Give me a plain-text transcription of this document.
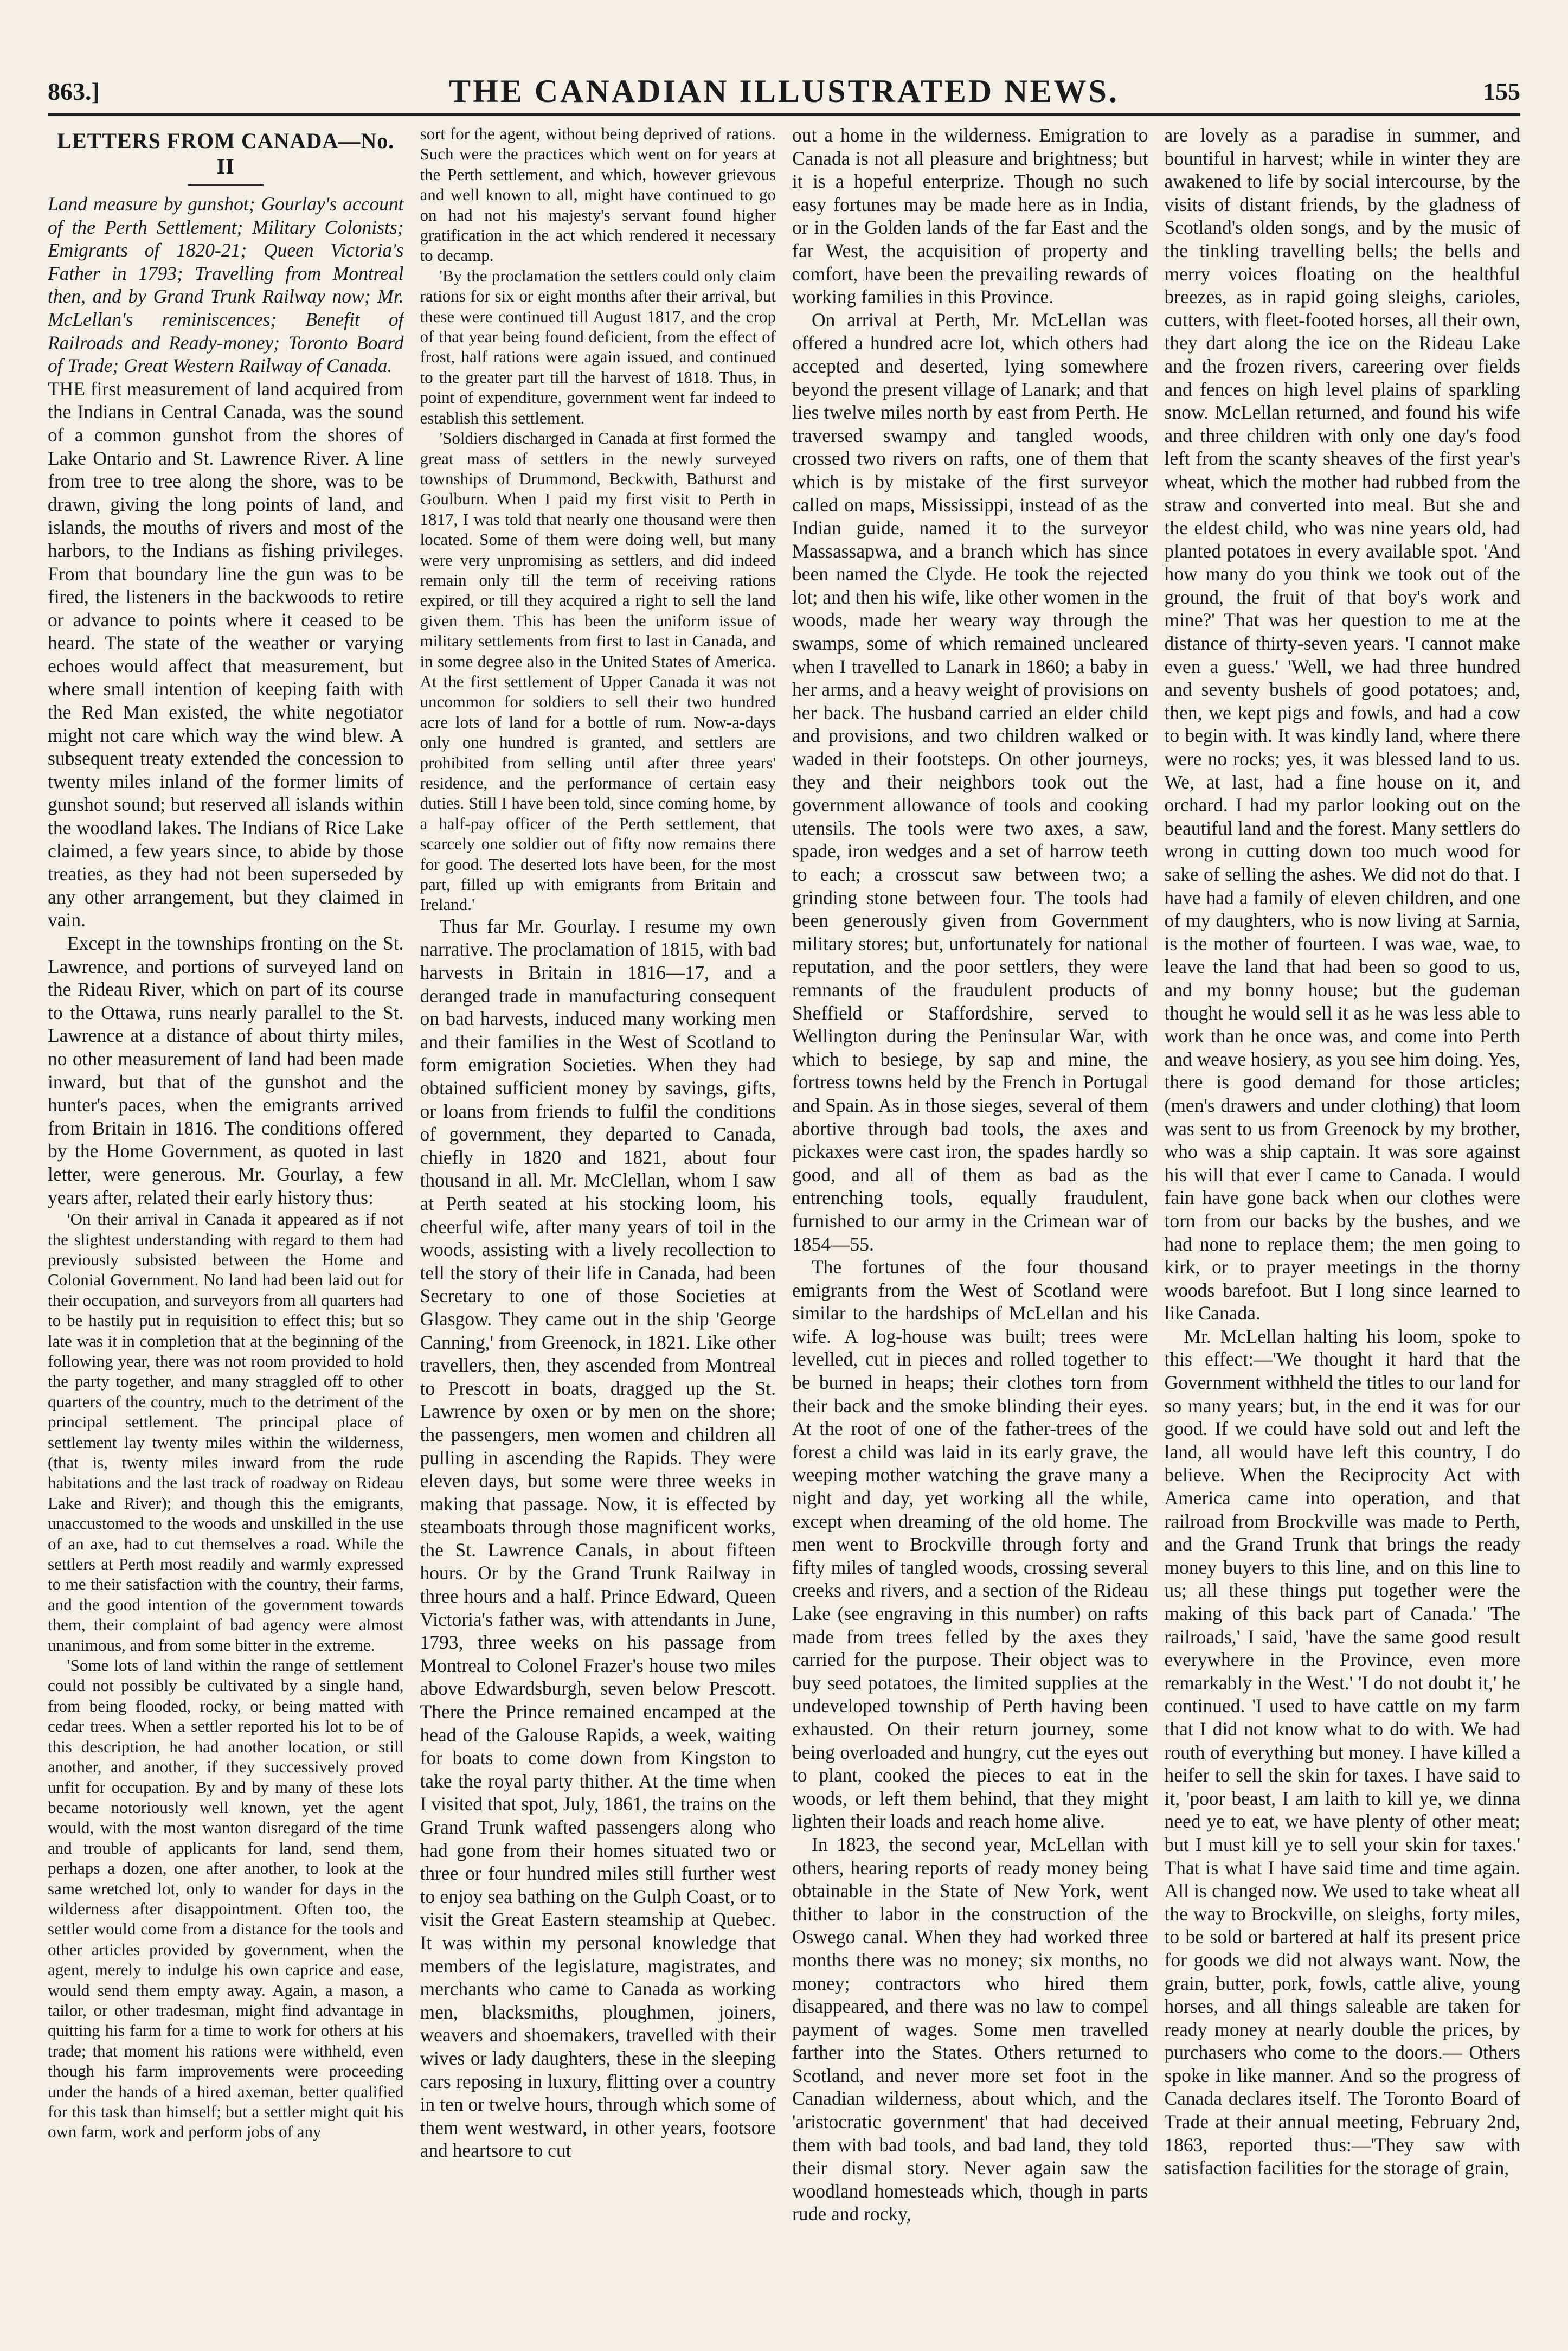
863.]	THE CANADIAN ILLUSTRATED NEWS.	155
LETTERS FROM CANADA—No. II

Land measure by gunshot; Gourlay's account of the Perth Settlement; Military Colonists; Emigrants of 1820-21; Queen Victoria's Father in 1793; Travelling from Montreal then, and by Grand Trunk Railway now; Mr. McLellan's reminiscences; Benefit of Railroads and Ready-money; Toronto Board of Trade; Great Western Railway of Canada.

THE first measurement of land acquired from the Indians in Central Canada, was the sound of a common gunshot from the shores of Lake Ontario and St. Lawrence River. A line from tree to tree along the shore, was to be drawn, giving the long points of land, and islands, the mouths of rivers and most of the harbors, to the Indians as fishing privileges. From that boundary line the gun was to be fired, the listeners in the backwoods to retire or advance to points where it ceased to be heard. The state of the weather or varying echoes would affect that measurement, but where small intention of keeping faith with the Red Man existed, the white negotiator might not care which way the wind blew. A subsequent treaty extended the concession to twenty miles inland of the former limits of gunshot sound; but reserved all islands within the woodland lakes. The Indians of Rice Lake claimed, a few years since, to abide by those treaties, as they had not been superseded by any other arrangement, but they claimed in vain.

Except in the townships fronting on the St. Lawrence, and portions of surveyed land on the Rideau River, which on part of its course to the Ottawa, runs nearly parallel to the St. Lawrence at a distance of about thirty miles, no other measurement of land had been made inward, but that of the gunshot and the hunter's paces, when the emigrants arrived from Britain in 1816. The conditions offered by the Home Government, as quoted in last letter, were generous. Mr. Gourlay, a few years after, related their early history thus:

'On their arrival in Canada it appeared as if not the slightest understanding with regard to them had previously subsisted between the Home and Colonial Government. No land had been laid out for their occupation, and surveyors from all quarters had to be hastily put in requisition to effect this; but so late was it in completion that at the beginning of the following year, there was not room provided to hold the party together, and many straggled off to other quarters of the country, much to the detriment of the principal settlement. The principal place of settlement lay twenty miles within the wilderness, (that is, twenty miles inward from the rude habitations and the last track of roadway on Rideau Lake and River); and though this the emigrants, unaccustomed to the woods and unskilled in the use of an axe, had to cut themselves a road. While the settlers at Perth most readily and warmly expressed to me their satisfaction with the country, their farms, and the good intention of the government towards them, their complaint of bad agency were almost unanimous, and from some bitter in the extreme.

'Some lots of land within the range of settlement could not possibly be cultivated by a single hand, from being flooded, rocky, or being matted with cedar trees. When a settler reported his lot to be of this description, he had another location, or still another, and another, if they successively proved unfit for occupation. By and by many of these lots became notoriously well known, yet the agent would, with the most wanton disregard of the time and trouble of applicants for land, send them, perhaps a dozen, one after another, to look at the same wretched lot, only to wander for days in the wilderness after disappointment. Often too, the settler would come from a distance for the tools and other articles provided by government, when the agent, merely to indulge his own caprice and ease, would send them empty away. Again, a mason, a tailor, or other tradesman, might find advantage in quitting his farm for a time to work for others at his trade; that moment his rations were withheld, even though his farm improvements were proceeding under the hands of a hired axeman, better qualified for this task than himself; but a settler might quit his own farm, work and perform jobs of any

sort for the agent, without being deprived of rations. Such were the practices which went on for years at the Perth settlement, and which, however grievous and well known to all, might have continued to go on had not his majesty's servant found higher gratification in the act which rendered it necessary to decamp.

'By the proclamation the settlers could only claim rations for six or eight months after their arrival, but these were continued till August 1817, and the crop of that year being found deficient, from the effect of frost, half rations were again issued, and continued to the greater part till the harvest of 1818. Thus, in point of expenditure, government went far indeed to establish this settlement.

'Soldiers discharged in Canada at first formed the great mass of settlers in the newly surveyed townships of Drummond, Beckwith, Bathurst and Goulburn. When I paid my first visit to Perth in 1817, I was told that nearly one thousand were then located. Some of them were doing well, but many were very unpromising as settlers, and did indeed remain only till the term of receiving rations expired, or till they acquired a right to sell the land given them. This has been the uniform issue of military settlements from first to last in Canada, and in some degree also in the United States of America. At the first settlement of Upper Canada it was not uncommon for soldiers to sell their two hundred acre lots of land for a bottle of rum. Now-a-days only one hundred is granted, and settlers are prohibited from selling until after three years' residence, and the performance of certain easy duties. Still I have been told, since coming home, by a half-pay officer of the Perth settlement, that scarcely one soldier out of fifty now remains there for good. The deserted lots have been, for the most part, filled up with emigrants from Britain and Ireland.'

Thus far Mr. Gourlay. I resume my own narrative. The proclamation of 1815, with bad harvests in Britain in 1816—17, and a deranged trade in manufacturing consequent on bad harvests, induced many working men and their families in the West of Scotland to form emigration Societies. When they had obtained sufficient money by savings, gifts, or loans from friends to fulfil the conditions of government, they departed to Canada, chiefly in 1820 and 1821, about four thousand in all. Mr. McClellan, whom I saw at Perth seated at his stocking loom, his cheerful wife, after many years of toil in the woods, assisting with a lively recollection to tell the story of their life in Canada, had been Secretary to one of those Societies at Glasgow. They came out in the ship 'George Canning,' from Greenock, in 1821. Like other travellers, then, they ascended from Montreal to Prescott in boats, dragged up the St. Lawrence by oxen or by men on the shore; the passengers, men women and children all pulling in ascending the Rapids. They were eleven days, but some were three weeks in making that passage. Now, it is effected by steamboats through those magnificent works, the St. Lawrence Canals, in about fifteen hours. Or by the Grand Trunk Railway in three hours and a half. Prince Edward, Queen Victoria's father was, with attendants in June, 1793, three weeks on his passage from Montreal to Colonel Frazer's house two miles above Edwardsburgh, seven below Prescott. There the Prince remained encamped at the head of the Galouse Rapids, a week, waiting for boats to come down from Kingston to take the royal party thither. At the time when I visited that spot, July, 1861, the trains on the Grand Trunk wafted passengers along who had gone from their homes situated two or three or four hundred miles still further west to enjoy sea bathing on the Gulph Coast, or to visit the Great Eastern steamship at Quebec. It was within my personal knowledge that members of the legislature, magistrates, and merchants who came to Canada as working men, blacksmiths, ploughmen, joiners, weavers and shoemakers, travelled with their wives or lady daughters, these in the sleeping cars reposing in luxury, flitting over a country in ten or twelve hours, through which some of them went westward, in other years, footsore and heartsore to cut

out a home in the wilderness. Emigration to Canada is not all pleasure and brightness; but it is a hopeful enterprize. Though no such easy fortunes may be made here as in India, or in the Golden lands of the far East and the far West, the acquisition of property and comfort, have been the prevailing rewards of working families in this Province.

On arrival at Perth, Mr. McLellan was offered a hundred acre lot, which others had accepted and deserted, lying somewhere beyond the present village of Lanark; and that lies twelve miles north by east from Perth. He traversed swampy and tangled woods, crossed two rivers on rafts, one of them that which is by mistake of the first surveyor called on maps, Mississippi, instead of as the Indian guide, named it to the surveyor Massassapwa, and a branch which has since been named the Clyde. He took the rejected lot; and then his wife, like other women in the woods, made her weary way through the swamps, some of which remained uncleared when I travelled to Lanark in 1860; a baby in her arms, and a heavy weight of provisions on her back. The husband carried an elder child and provisions, and two children walked or waded in their footsteps. On other journeys, they and their neighbors took out the government allowance of tools and cooking utensils. The tools were two axes, a saw, spade, iron wedges and a set of harrow teeth to each; a crosscut saw between two; a grinding stone between four. The tools had been generously given from Government military stores; but, unfortunately for national reputation, and the poor settlers, they were remnants of the fraudulent products of Sheffield or Staffordshire, served to Wellington during the Peninsular War, with which to besiege, by sap and mine, the fortress towns held by the French in Portugal and Spain. As in those sieges, several of them abortive through bad tools, the axes and pickaxes were cast iron, the spades hardly so good, and all of them as bad as the entrenching tools, equally fraudulent, furnished to our army in the Crimean war of 1854—55.

The fortunes of the four thousand emigrants from the West of Scotland were similar to the hardships of McLellan and his wife. A log-house was built; trees were levelled, cut in pieces and rolled together to be burned in heaps; their clothes torn from their back and the smoke blinding their eyes. At the root of one of the father-trees of the forest a child was laid in its early grave, the weeping mother watching the grave many a night and day, yet working all the while, except when dreaming of the old home. The men went to Brockville through forty and fifty miles of tangled woods, crossing several creeks and rivers, and a section of the Rideau Lake (see engraving in this number) on rafts made from trees felled by the axes they carried for the purpose. Their object was to buy seed potatoes, the limited supplies at the undeveloped township of Perth having been exhausted. On their return journey, some being overloaded and hungry, cut the eyes out to plant, cooked the pieces to eat in the woods, or left them behind, that they might lighten their loads and reach home alive.

In 1823, the second year, McLellan with others, hearing reports of ready money being obtainable in the State of New York, went thither to labor in the construction of the Oswego canal. When they had worked three months there was no money; six months, no money; contractors who hired them disappeared, and there was no law to compel payment of wages. Some men travelled farther into the States. Others returned to Scotland, and never more set foot in the Canadian wilderness, about which, and the 'aristocratic government' that had deceived them with bad tools, and bad land, they told their dismal story. Never again saw the woodland homesteads which, though in parts rude and rocky,

are lovely as a paradise in summer, and bountiful in harvest; while in winter they are awakened to life by social intercourse, by the visits of distant friends, by the gladness of Scotland's olden songs, and by the music of the tinkling travelling bells; the bells and merry voices floating on the healthful breezes, as in rapid going sleighs, carioles, cutters, with fleet-footed horses, all their own, they dart along the ice on the Rideau Lake and the frozen rivers, careering over fields and fences on high level plains of sparkling snow. McLellan returned, and found his wife and three children with only one day's food left from the scanty sheaves of the first year's wheat, which the mother had rubbed from the straw and converted into meal. But she and the eldest child, who was nine years old, had planted potatoes in every available spot. 'And how many do you think we took out of the ground, the fruit of that boy's work and mine?' That was her question to me at the distance of thirty-seven years. 'I cannot make even a guess.' 'Well, we had three hundred and seventy bushels of good potatoes; and, then, we kept pigs and fowls, and had a cow to begin with. It was kindly land, where there were no rocks; yes, it was blessed land to us. We, at last, had a fine house on it, and orchard. I had my parlor looking out on the beautiful land and the forest. Many settlers do wrong in cutting down too much wood for sake of selling the ashes. We did not do that. I have had a family of eleven children, and one of my daughters, who is now living at Sarnia, is the mother of fourteen. I was wae, wae, to leave the land that had been so good to us, and my bonny house; but the gudeman thought he would sell it as he was less able to work than he once was, and come into Perth and weave hosiery, as you see him doing. Yes, there is good demand for those articles; (men's drawers and under clothing) that loom was sent to us from Greenock by my brother, who was a ship captain. It was sore against his will that ever I came to Canada. I would fain have gone back when our clothes were torn from our backs by the bushes, and we had none to replace them; the men going to kirk, or to prayer meetings in the thorny woods barefoot. But I long since learned to like Canada.

Mr. McLellan halting his loom, spoke to this effect:—'We thought it hard that the Government withheld the titles to our land for so many years; but, in the end it was for our good. If we could have sold out and left the land, all would have left this country, I do believe. When the Reciprocity Act with America came into operation, and that railroad from Brockville was made to Perth, and the Grand Trunk that brings the ready money buyers to this line, and on this line to us; all these things put together were the making of this back part of Canada.' 'The railroads,' I said, 'have the same good result everywhere in the Province, even more remarkably in the West.' 'I do not doubt it,' he continued. 'I used to have cattle on my farm that I did not know what to do with. We had routh of everything but money. I have killed a heifer to sell the skin for taxes. I have said to it, 'poor beast, I am laith to kill ye, we dinna need ye to eat, we have plenty of other meat; but I must kill ye to sell your skin for taxes.' That is what I have said time and time again. All is changed now. We used to take wheat all the way to Brockville, on sleighs, forty miles, to be sold or bartered at half its present price for goods we did not always want. Now, the grain, butter, pork, fowls, cattle alive, young horses, and all things saleable are taken for ready money at nearly double the prices, by purchasers who come to the doors.— Others spoke in like manner. And so the progress of Canada declares itself. The Toronto Board of Trade at their annual meeting, February 2nd, 1863, reported thus:—'They saw with satisfaction facilities for the storage of grain,
